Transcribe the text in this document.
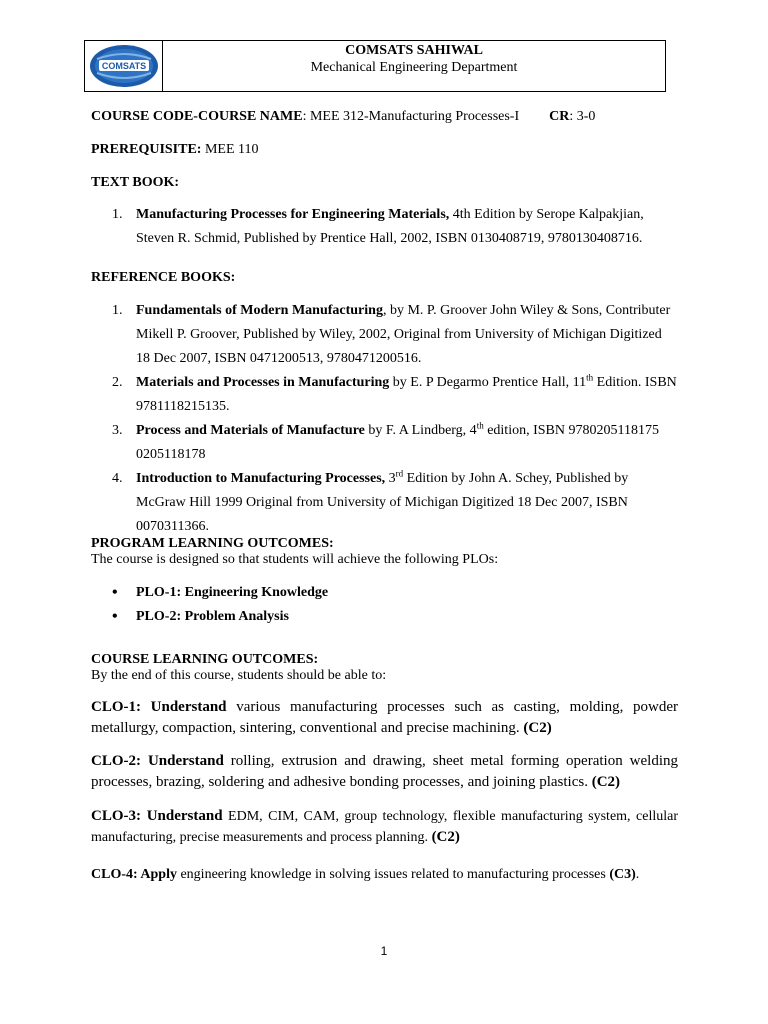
COMSATS
COMSATS SAHIWAL
Mechanical Engineering Department
COURSE CODE-COURSE NAME: MEE 312-Manufacturing Processes-I CR: 3-0
PREREQUISITE: MEE 110
TEXT BOOK:
1. Manufacturing Processes for Engineering Materials, 4th Edition by Serope Kalpakjian, Steven R. Schmid, Published by Prentice Hall, 2002, ISBN 0130408719, 9780130408716.
REFERENCE BOOKS:
1. Fundamentals of Modern Manufacturing, by M. P. Groover John Wiley & Sons, Contributer Mikell P. Groover, Published by Wiley, 2002, Original from University of Michigan Digitized 18 Dec 2007, ISBN 0471200513, 9780471200516.
2. Materials and Processes in Manufacturing by E. P Degarmo Prentice Hall, 11th Edition. ISBN 9781118215135.
3. Process and Materials of Manufacture by F. A Lindberg, 4th edition, ISBN 9780205118175 0205118178
4. Introduction to Manufacturing Processes, 3rd Edition by John A. Schey, Published by McGraw Hill 1999 Original from University of Michigan Digitized 18 Dec 2007, ISBN 0070311366.
PROGRAM LEARNING OUTCOMES:
The course is designed so that students will achieve the following PLOs:
•	PLO-1: Engineering Knowledge
•	PLO-2: Problem Analysis
COURSE LEARNING OUTCOMES:
By the end of this course, students should be able to:
CLO-1: Understand various manufacturing processes such as casting, molding, powder metallurgy, compaction, sintering, conventional and precise machining. (C2)
CLO-2: Understand rolling, extrusion and drawing, sheet metal forming operation welding processes, brazing, soldering and adhesive bonding processes, and joining plastics. (C2)
CLO-3: Understand EDM, CIM, CAM, group technology, flexible manufacturing system, cellular manufacturing, precise measurements and process planning. (C2)
CLO-4: Apply engineering knowledge in solving issues related to manufacturing processes (C3).
1
